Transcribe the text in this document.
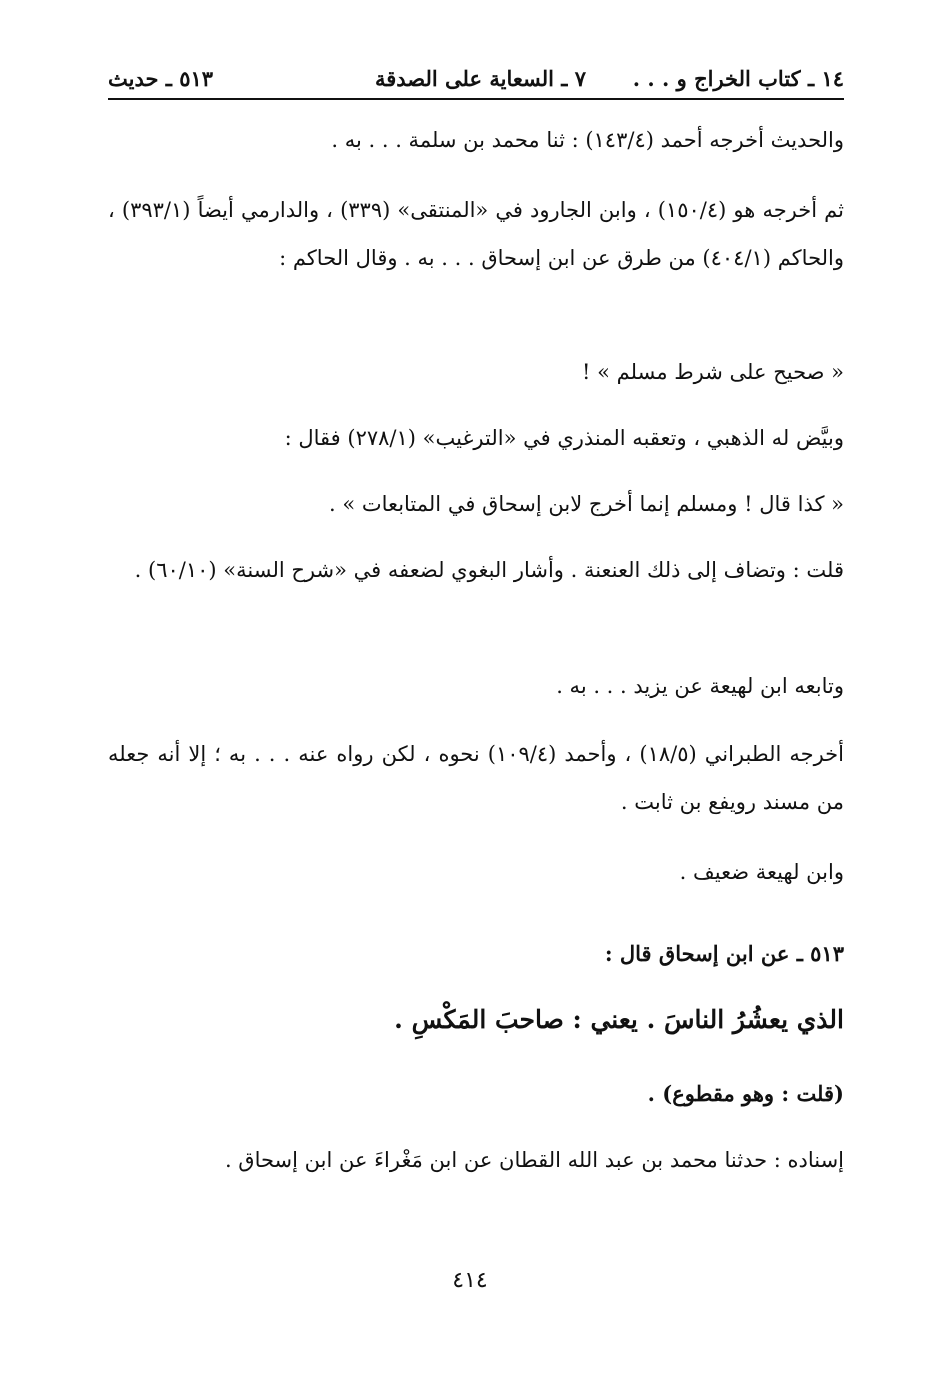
١٤ ـ كتاب الخراج و . . .
٧ ـ السعاية على الصدقة
٥١٣ ـ حديث
والحديث أخرجه أحمد (١٤٣/٤) : ثنا محمد بن سلمة . . . به .
ثم أخرجه هو (١٥٠/٤) ، وابن الجارود في «المنتقى» (٣٣٩) ، والدارمي أيضاً (٣٩٣/١) ، والحاكم (٤٠٤/١) من طرق عن ابن إسحاق . . . به . وقال الحاكم :
« صحيح على شرط مسلم » !
وبيَّض له الذهبي ، وتعقبه المنذري في «الترغيب» (٢٧٨/١) فقال :
« كذا قال ! ومسلم إنما أخرج لابن إسحاق في المتابعات » .
قلت : وتضاف إلى ذلك العنعنة . وأشار البغوي لضعفه في «شرح السنة» (٦٠/١٠) .
وتابعه ابن لهيعة عن يزيد . . . به .
أخرجه الطبراني (١٨/٥) ، وأحمد (١٠٩/٤) نحوه ، لكن رواه عنه . . . به ؛ إلا أنه جعله من مسند رويفع بن ثابت .
وابن لهيعة ضعيف .
٥١٣ ـ عن ابن إسحاق قال :
الذي يعشُرُ الناسَ . يعني : صاحبَ المَكْسِ .
(قلت : وهو مقطوع) .
إسناده : حدثنا محمد بن عبد الله القطان عن ابن مَغْراءَ عن ابن إسحاق .
٤١٤
